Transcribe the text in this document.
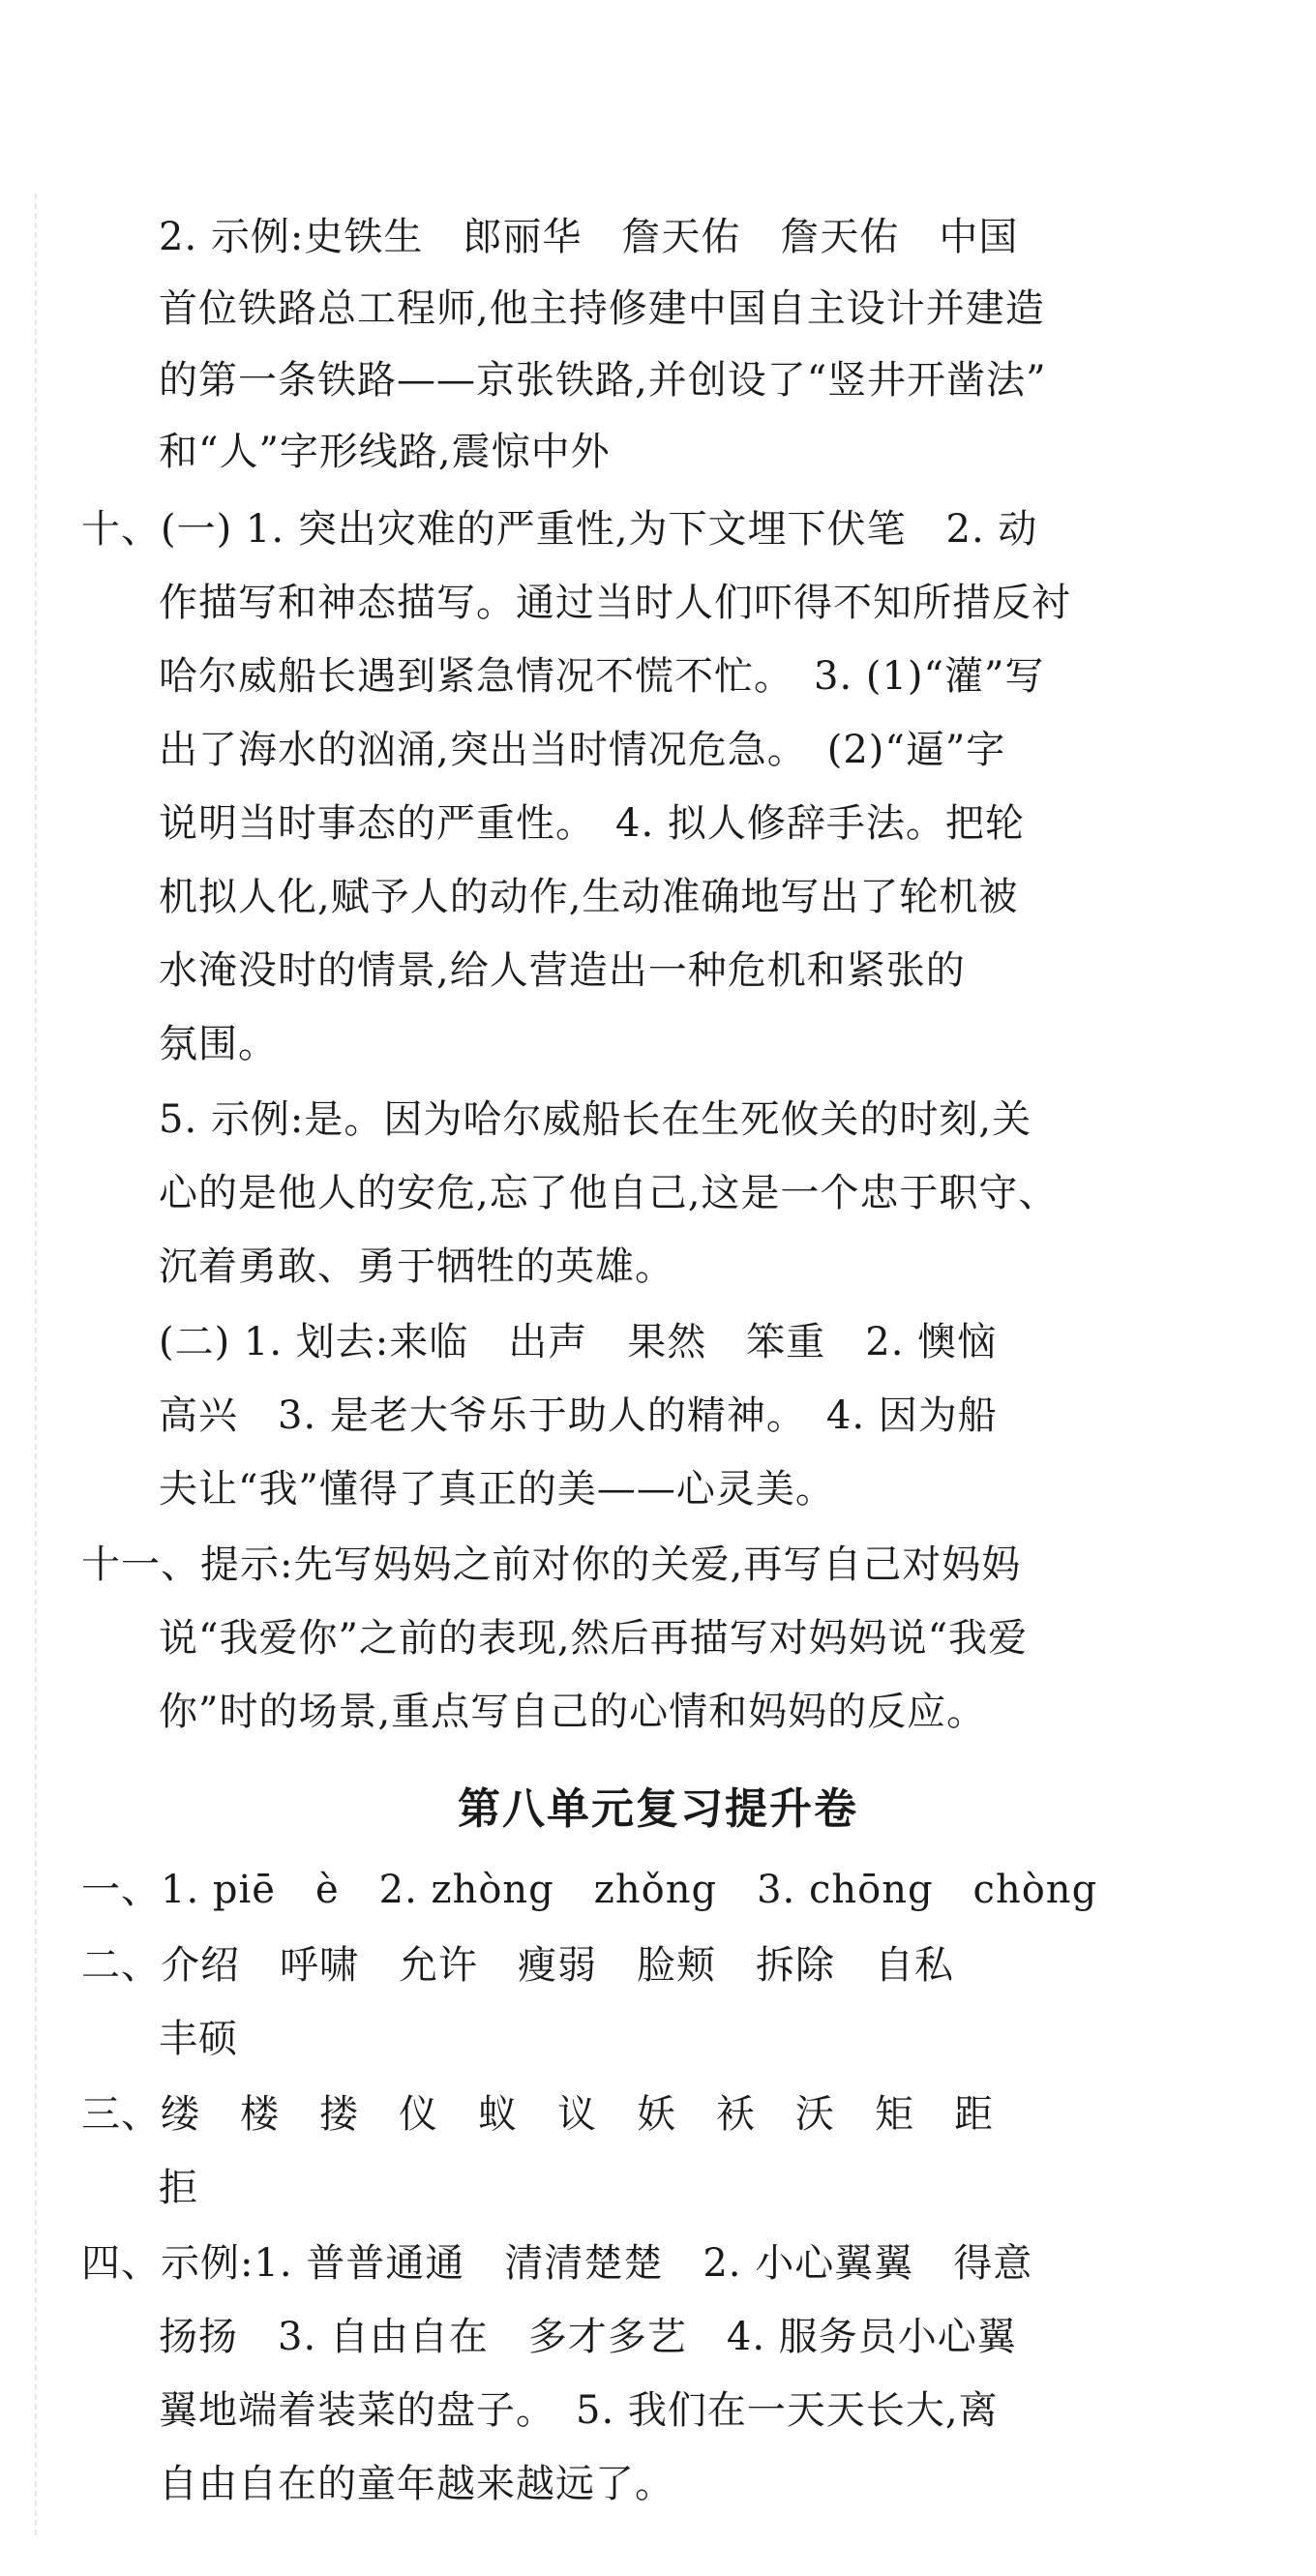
2. 示例:史铁生　郎丽华　詹天佑　詹天佑　中国
首位铁路总工程师,他主持修建中国自主设计并建造
的第一条铁路——京张铁路,并创设了“竖井开凿法”
和“人”字形线路,震惊中外
十、(一) 1. 突出灾难的严重性,为下文埋下伏笔　2. 动
作描写和神态描写。通过当时人们吓得不知所措反衬
哈尔威船长遇到紧急情况不慌不忙。　3. (1)“灌”写
出了海水的汹涌,突出当时情况危急。　(2)“逼”字
说明当时事态的严重性。　4. 拟人修辞手法。把轮
机拟人化,赋予人的动作,生动准确地写出了轮机被
水淹没时的情景,给人营造出一种危机和紧张的
氛围。
5. 示例:是。因为哈尔威船长在生死攸关的时刻,关
心的是他人的安危,忘了他自己,这是一个忠于职守、
沉着勇敢、勇于牺牲的英雄。
(二) 1. 划去:来临　出声　果然　笨重　2. 懊恼
高兴　3. 是老大爷乐于助人的精神。　4. 因为船
夫让“我”懂得了真正的美——心灵美。
十一、提示:先写妈妈之前对你的关爱,再写自己对妈妈
说“我爱你”之前的表现,然后再描写对妈妈说“我爱
你”时的场景,重点写自己的心情和妈妈的反应。
第八单元复习提升卷
一、1. piē　è　2. zhòng　zhǒng　3. chōng　chòng
二、介绍　呼啸　允许　瘦弱　脸颊　拆除　自私
丰硕
三、缕　楼　搂　仪　蚁　议　妖　袄　沃　矩　距
拒
四、示例:1. 普普通通　清清楚楚　2. 小心翼翼　得意
扬扬　3. 自由自在　多才多艺　4. 服务员小心翼
翼地端着装菜的盘子。　5. 我们在一天天长大,离
自由自在的童年越来越远了。
